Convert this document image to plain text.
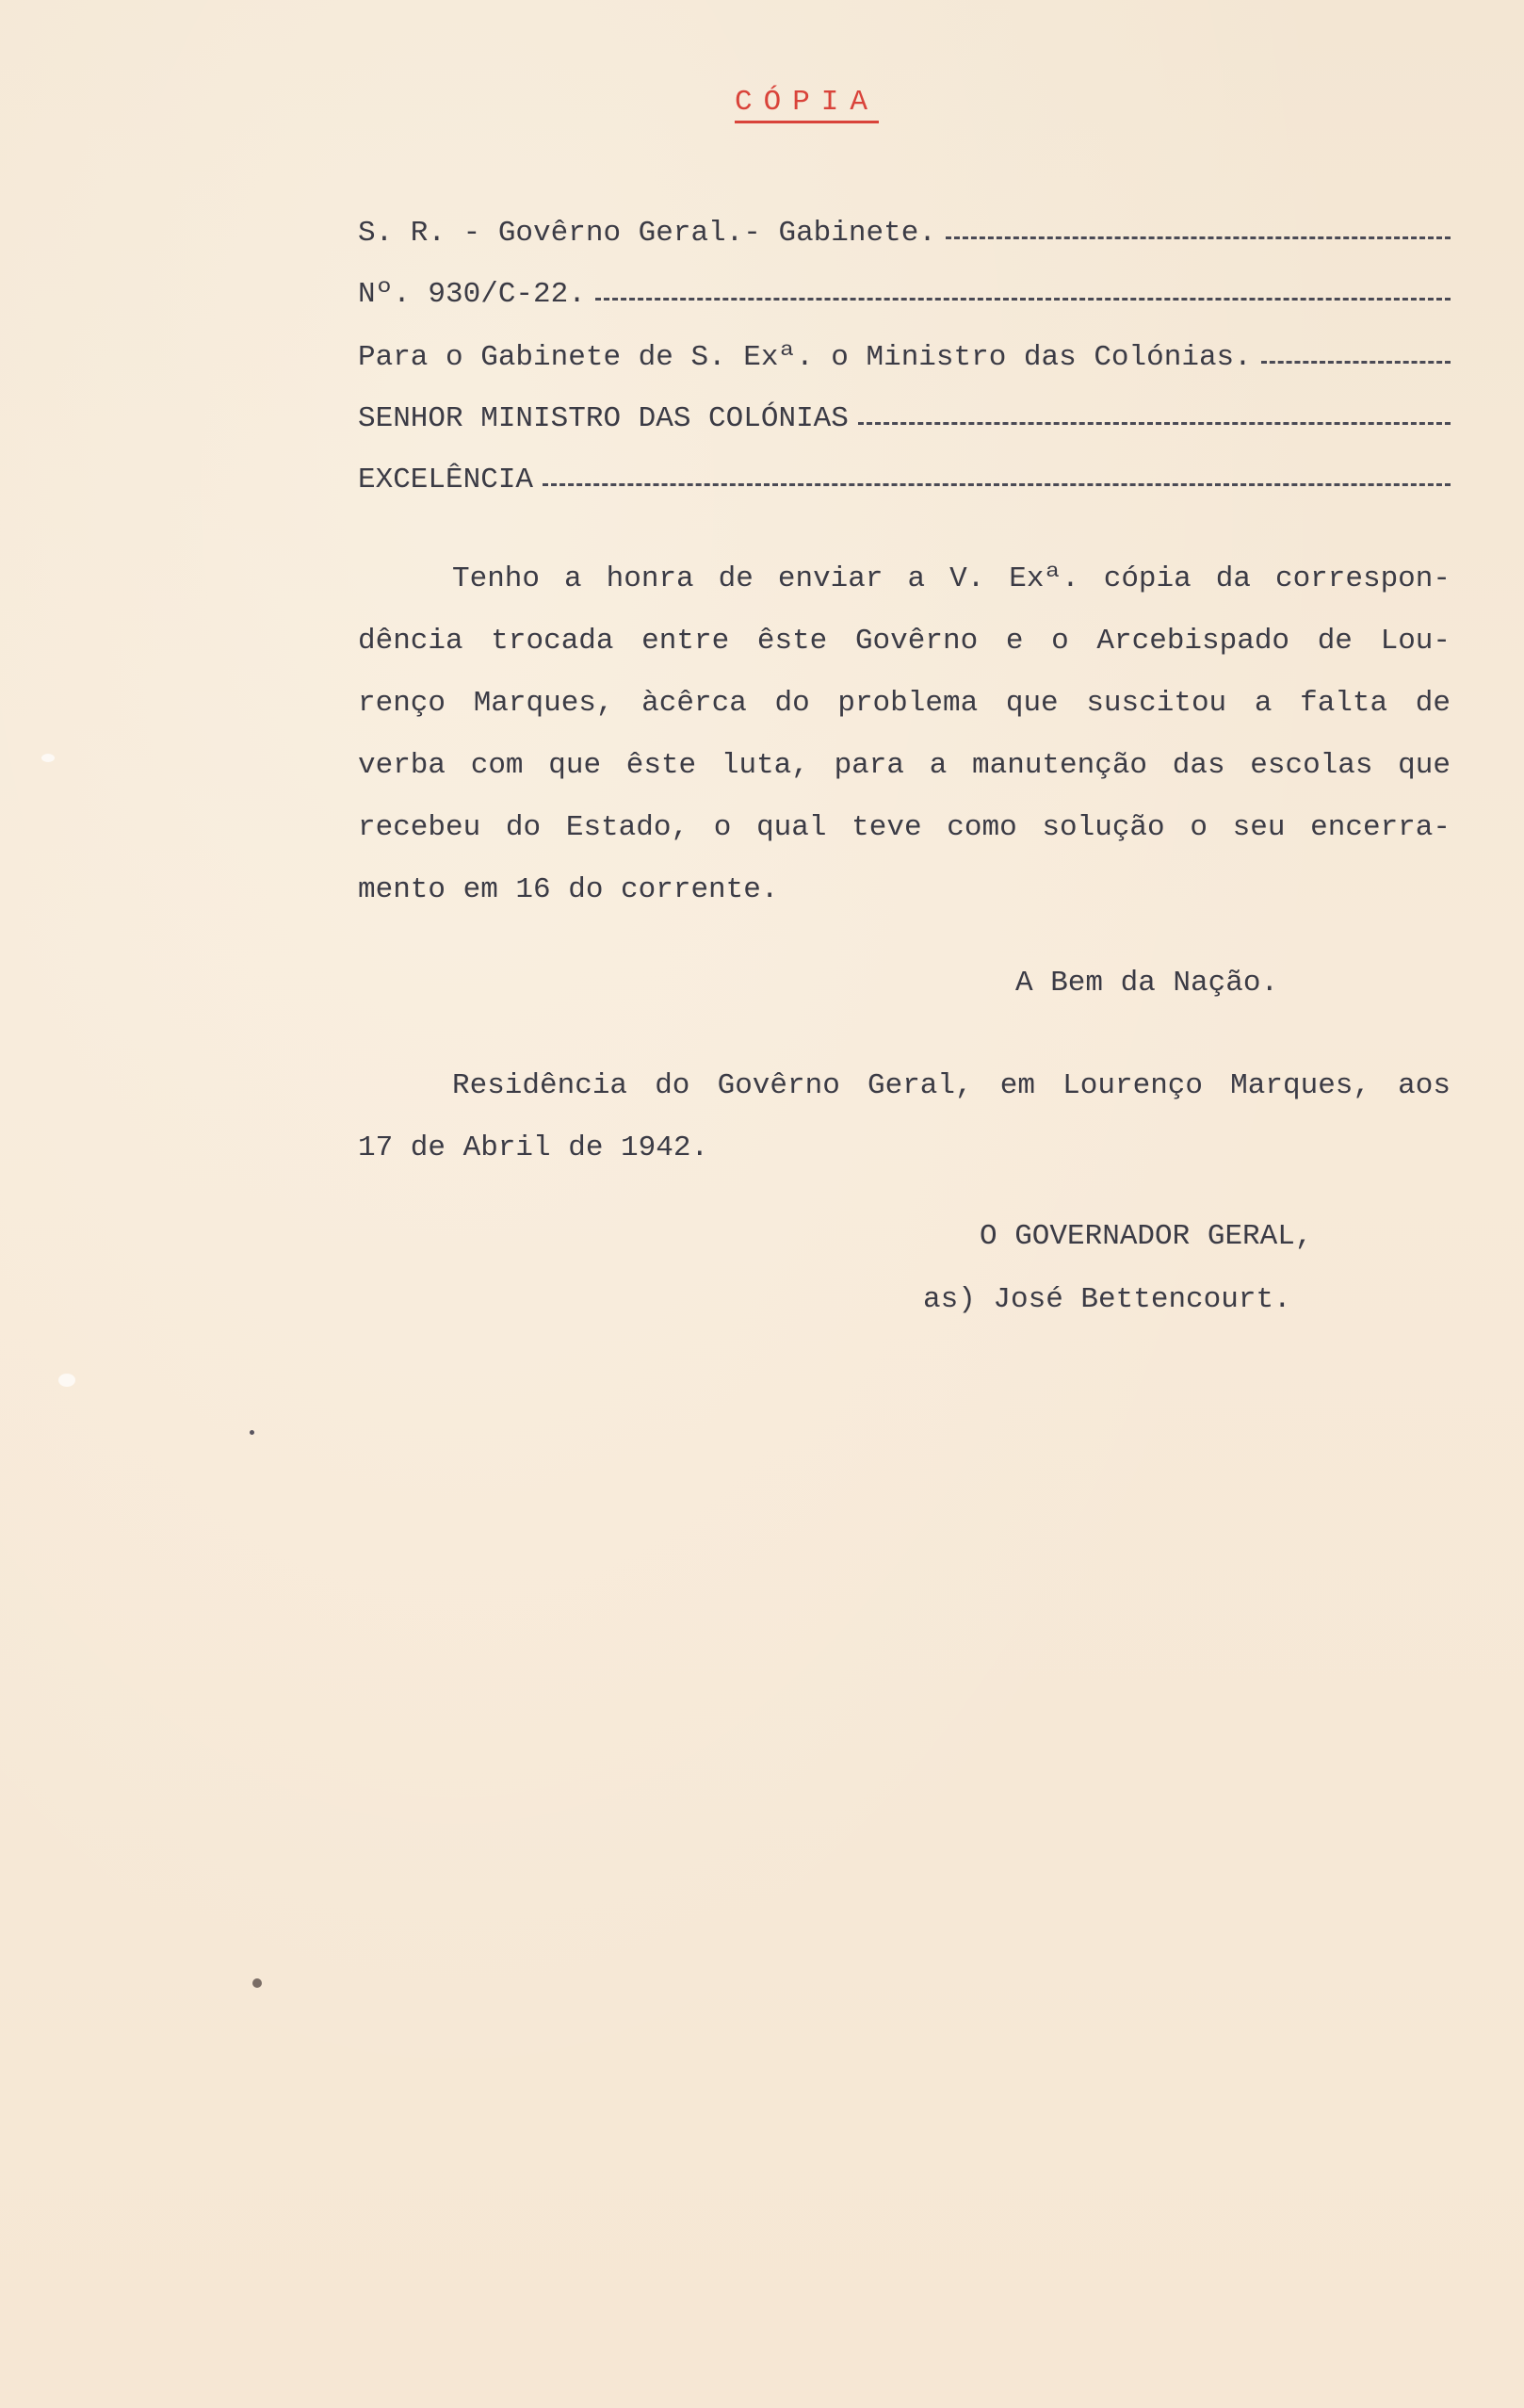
CÓPIA
S. R. - Govêrno Geral.- Gabinete.
Nº. 930/C-22.
Para o Gabinete de S. Exª. o Ministro das Colónias.
SENHOR MINISTRO DAS COLÓNIAS
EXCELÊNCIA
Tenho a honra de enviar a V. Exª. cópia da correspon-
dência trocada entre êste Govêrno e o Arcebispado de Lou-
renço Marques, àcêrca do problema que suscitou a falta de
verba com que êste luta, para a manutenção das escolas que
recebeu do Estado, o qual teve como solução o seu encerra-
mento em 16 do corrente.
A Bem da Nação.
Residência do Govêrno Geral, em Lourenço Marques, aos
17 de Abril de 1942.
O GOVERNADOR GERAL,
as) José Bettencourt.
